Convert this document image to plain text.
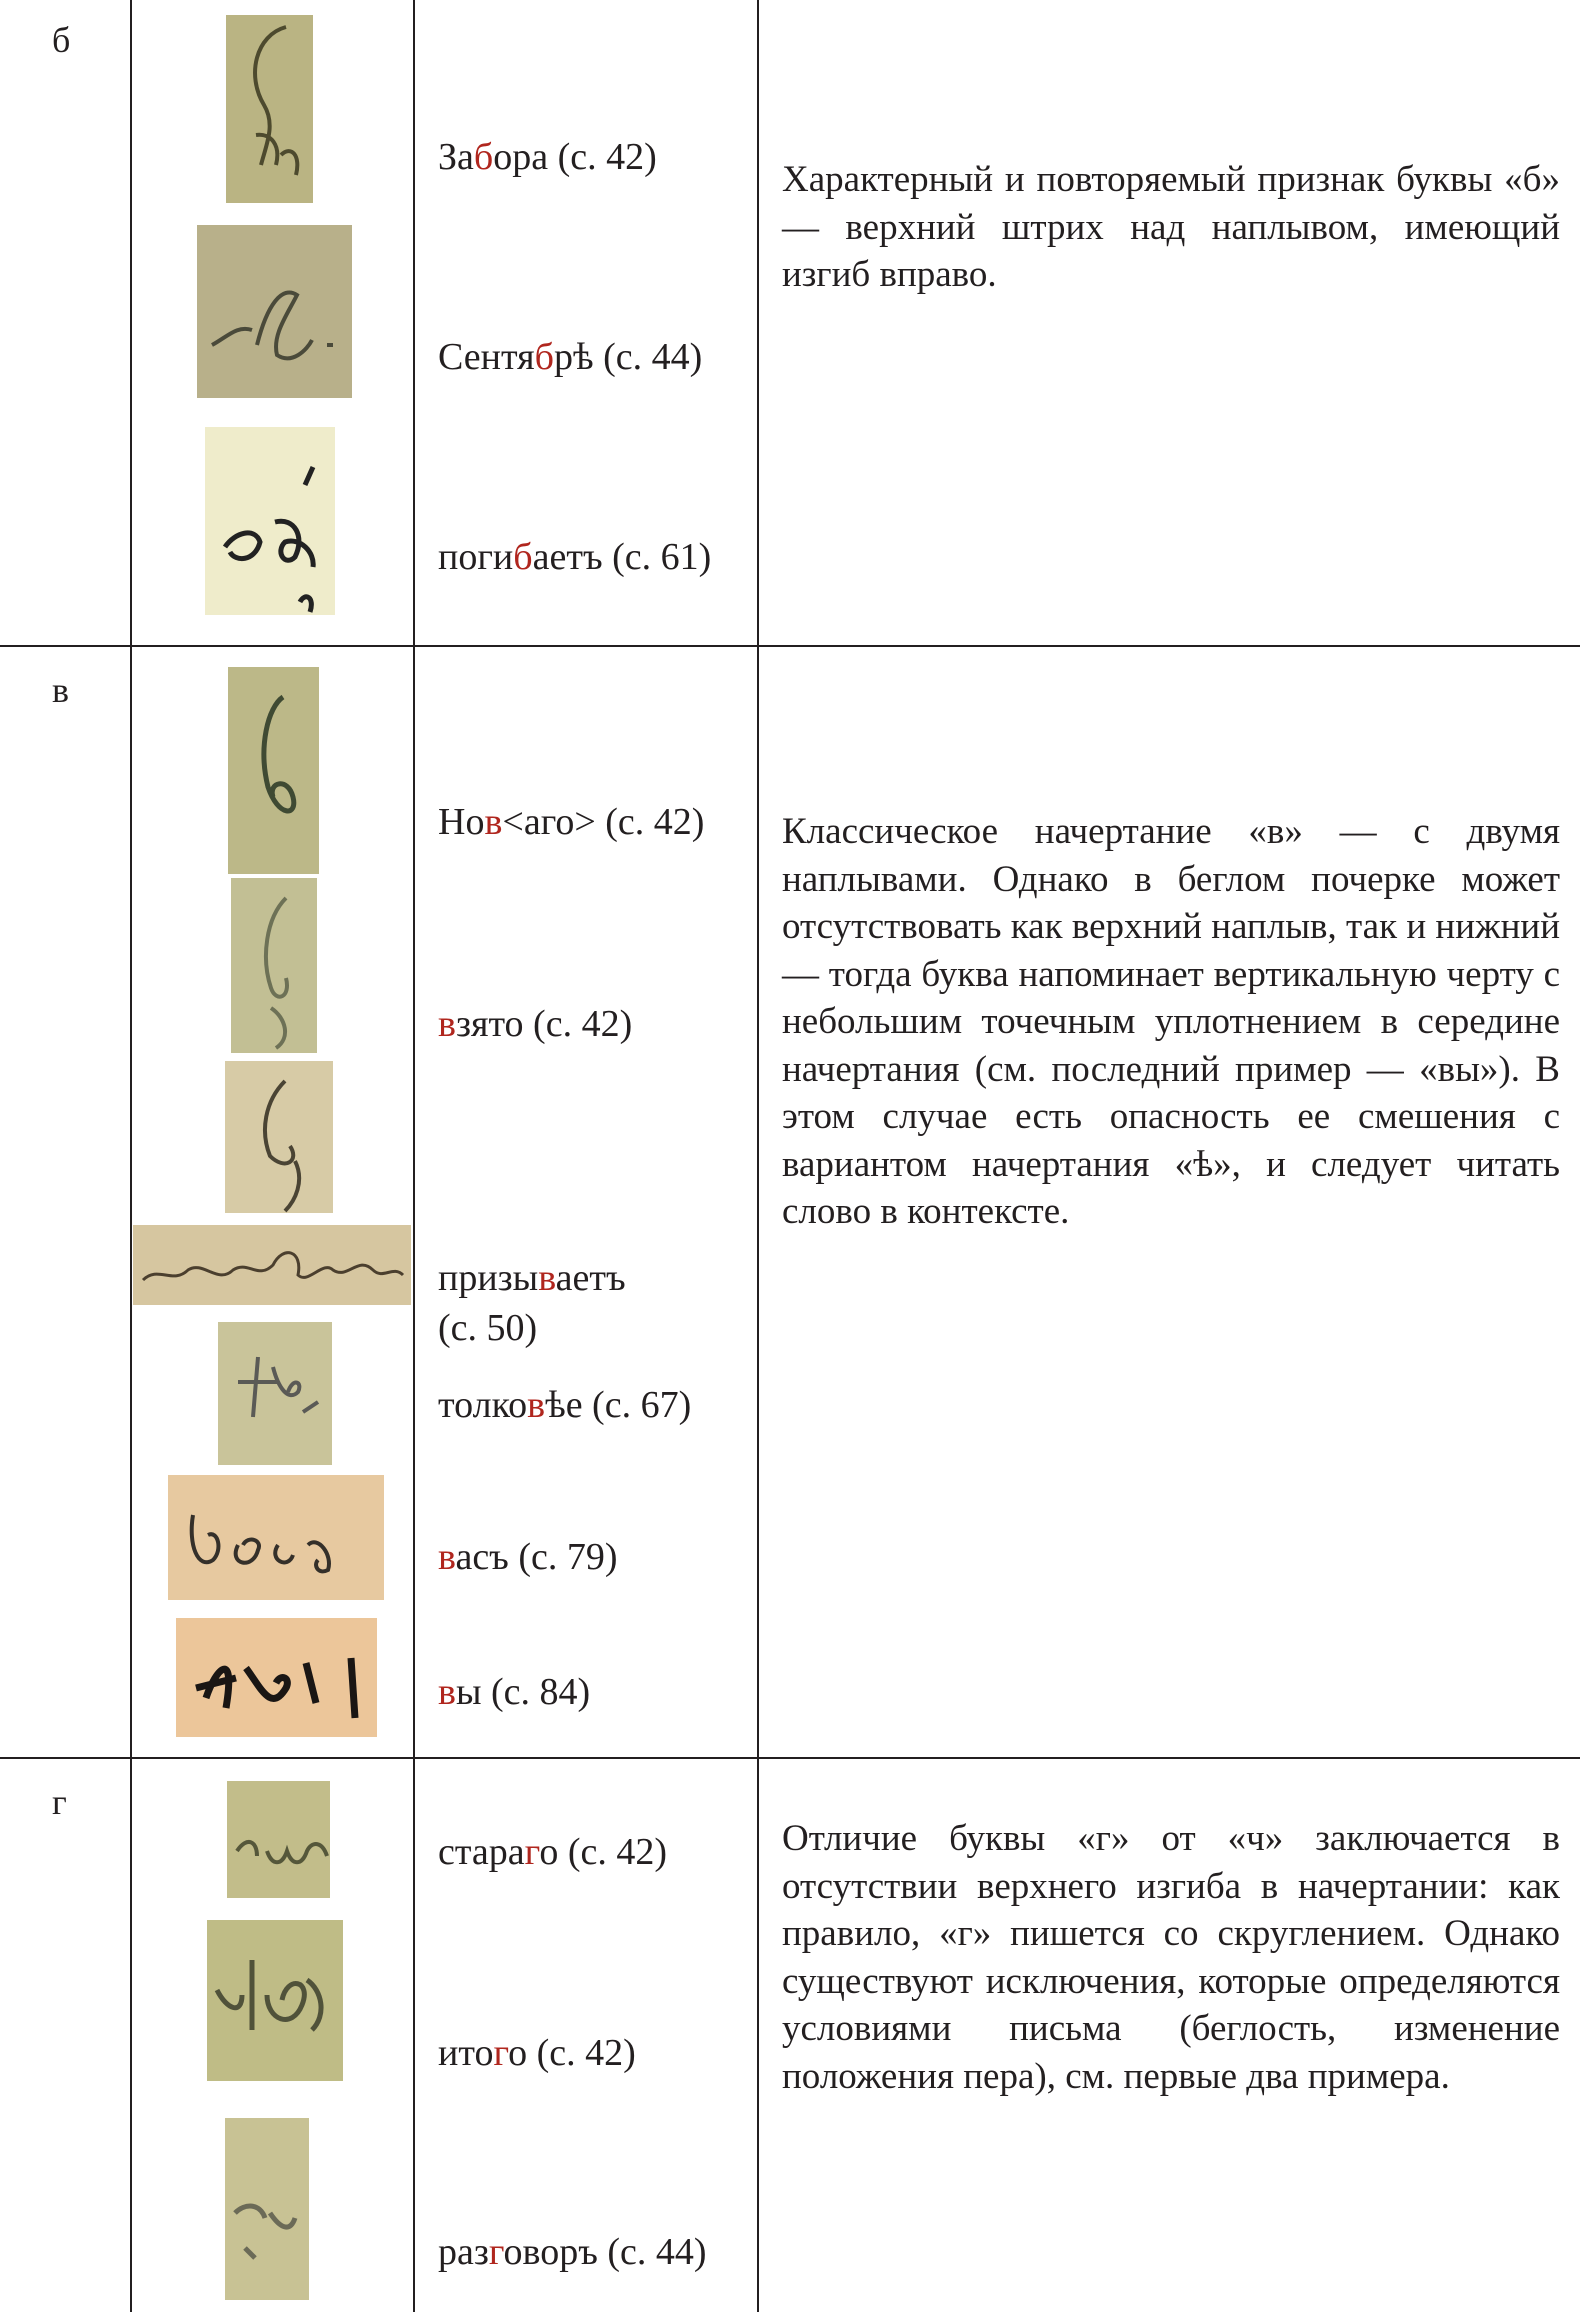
б
Забора (с. 42)
Сентябрѣ (с. 44)
погибаетъ (с. 61)

Характерный и повторяемый признак буквы «б» — верхний штрих над наплывом, имеющий изгиб вправо.

в
Нов<аго> (с. 42)
взято (с. 42)
призываетъ
(с. 50)
толковѣе (с. 67)
васъ (с. 79)
вы (с. 84)

Классическое начертание «в» — с двумя наплывами. Однако в беглом почерке может отсутствовать как верхний наплыв, так и нижний — тогда буква напоминает вертикальную черту с небольшим точечным уплотнением в середине начертания (см. последний пример — «вы»). В этом случае есть опасность ее смешения с вариантом начертания «ѣ», и следует читать слово в контексте.

г
стараго (с. 42)
итого (с. 42)
разговоръ (с. 44)

Отличие буквы «г» от «ч» заключается в отсутствии верхнего изгиба в начертании: как правило, «г» пишется со скруглением. Однако существуют исключения, которые определяются условиями письма (беглость, изменение положения пера), см. первые два примера.
